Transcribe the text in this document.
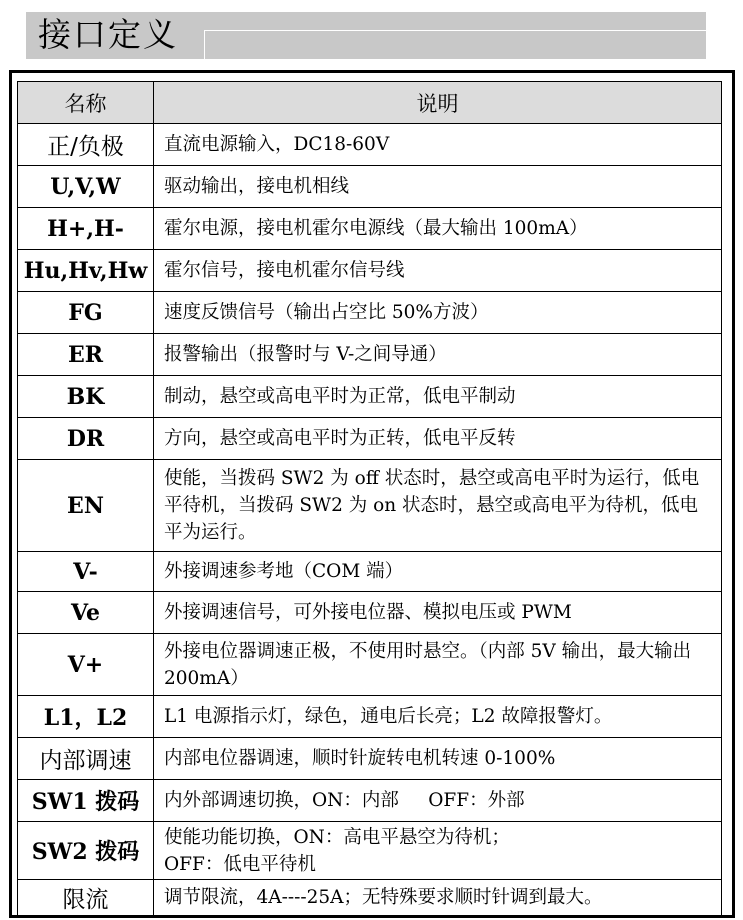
接口定义
名称	说明
正/负极	直流电源输入，DC18-60V
U,V,W	驱动输出，接电机相线
H+,H-	霍尔电源，接电机霍尔电源线（最大输出 100mA）
Hu,Hv,Hw	霍尔信号，接电机霍尔信号线
FG	速度反馈信号（输出占空比 50%方波）
ER	报警输出（报警时与 V-之间导通）
BK	制动，悬空或高电平时为正常，低电平制动
DR	方向，悬空或高电平时为正转，低电平反转
EN	使能，当拨码 SW2 为 off 状态时，悬空或高电平时为运行，低电平待机，当拨码 SW2 为 on 状态时，悬空或高电平为待机，低电平为运行。
V-	外接调速参考地（COM 端）
Ve	外接调速信号，可外接电位器、模拟电压或 PWM
V+	外接电位器调速正极，不使用时悬空。（内部 5V 输出，最大输出 200mA）
L1，L2	L1 电源指示灯，绿色，通电后长亮；L2 故障报警灯。
内部调速	内部电位器调速，顺时针旋转电机转速 0-100%
SW1 拨码	内外部调速切换，ON：内部     OFF：外部
SW2 拨码	使能功能切换，ON：高电平悬空为待机；
OFF：低电平待机
限流	调节限流，4A----25A；无特殊要求顺时针调到最大。
